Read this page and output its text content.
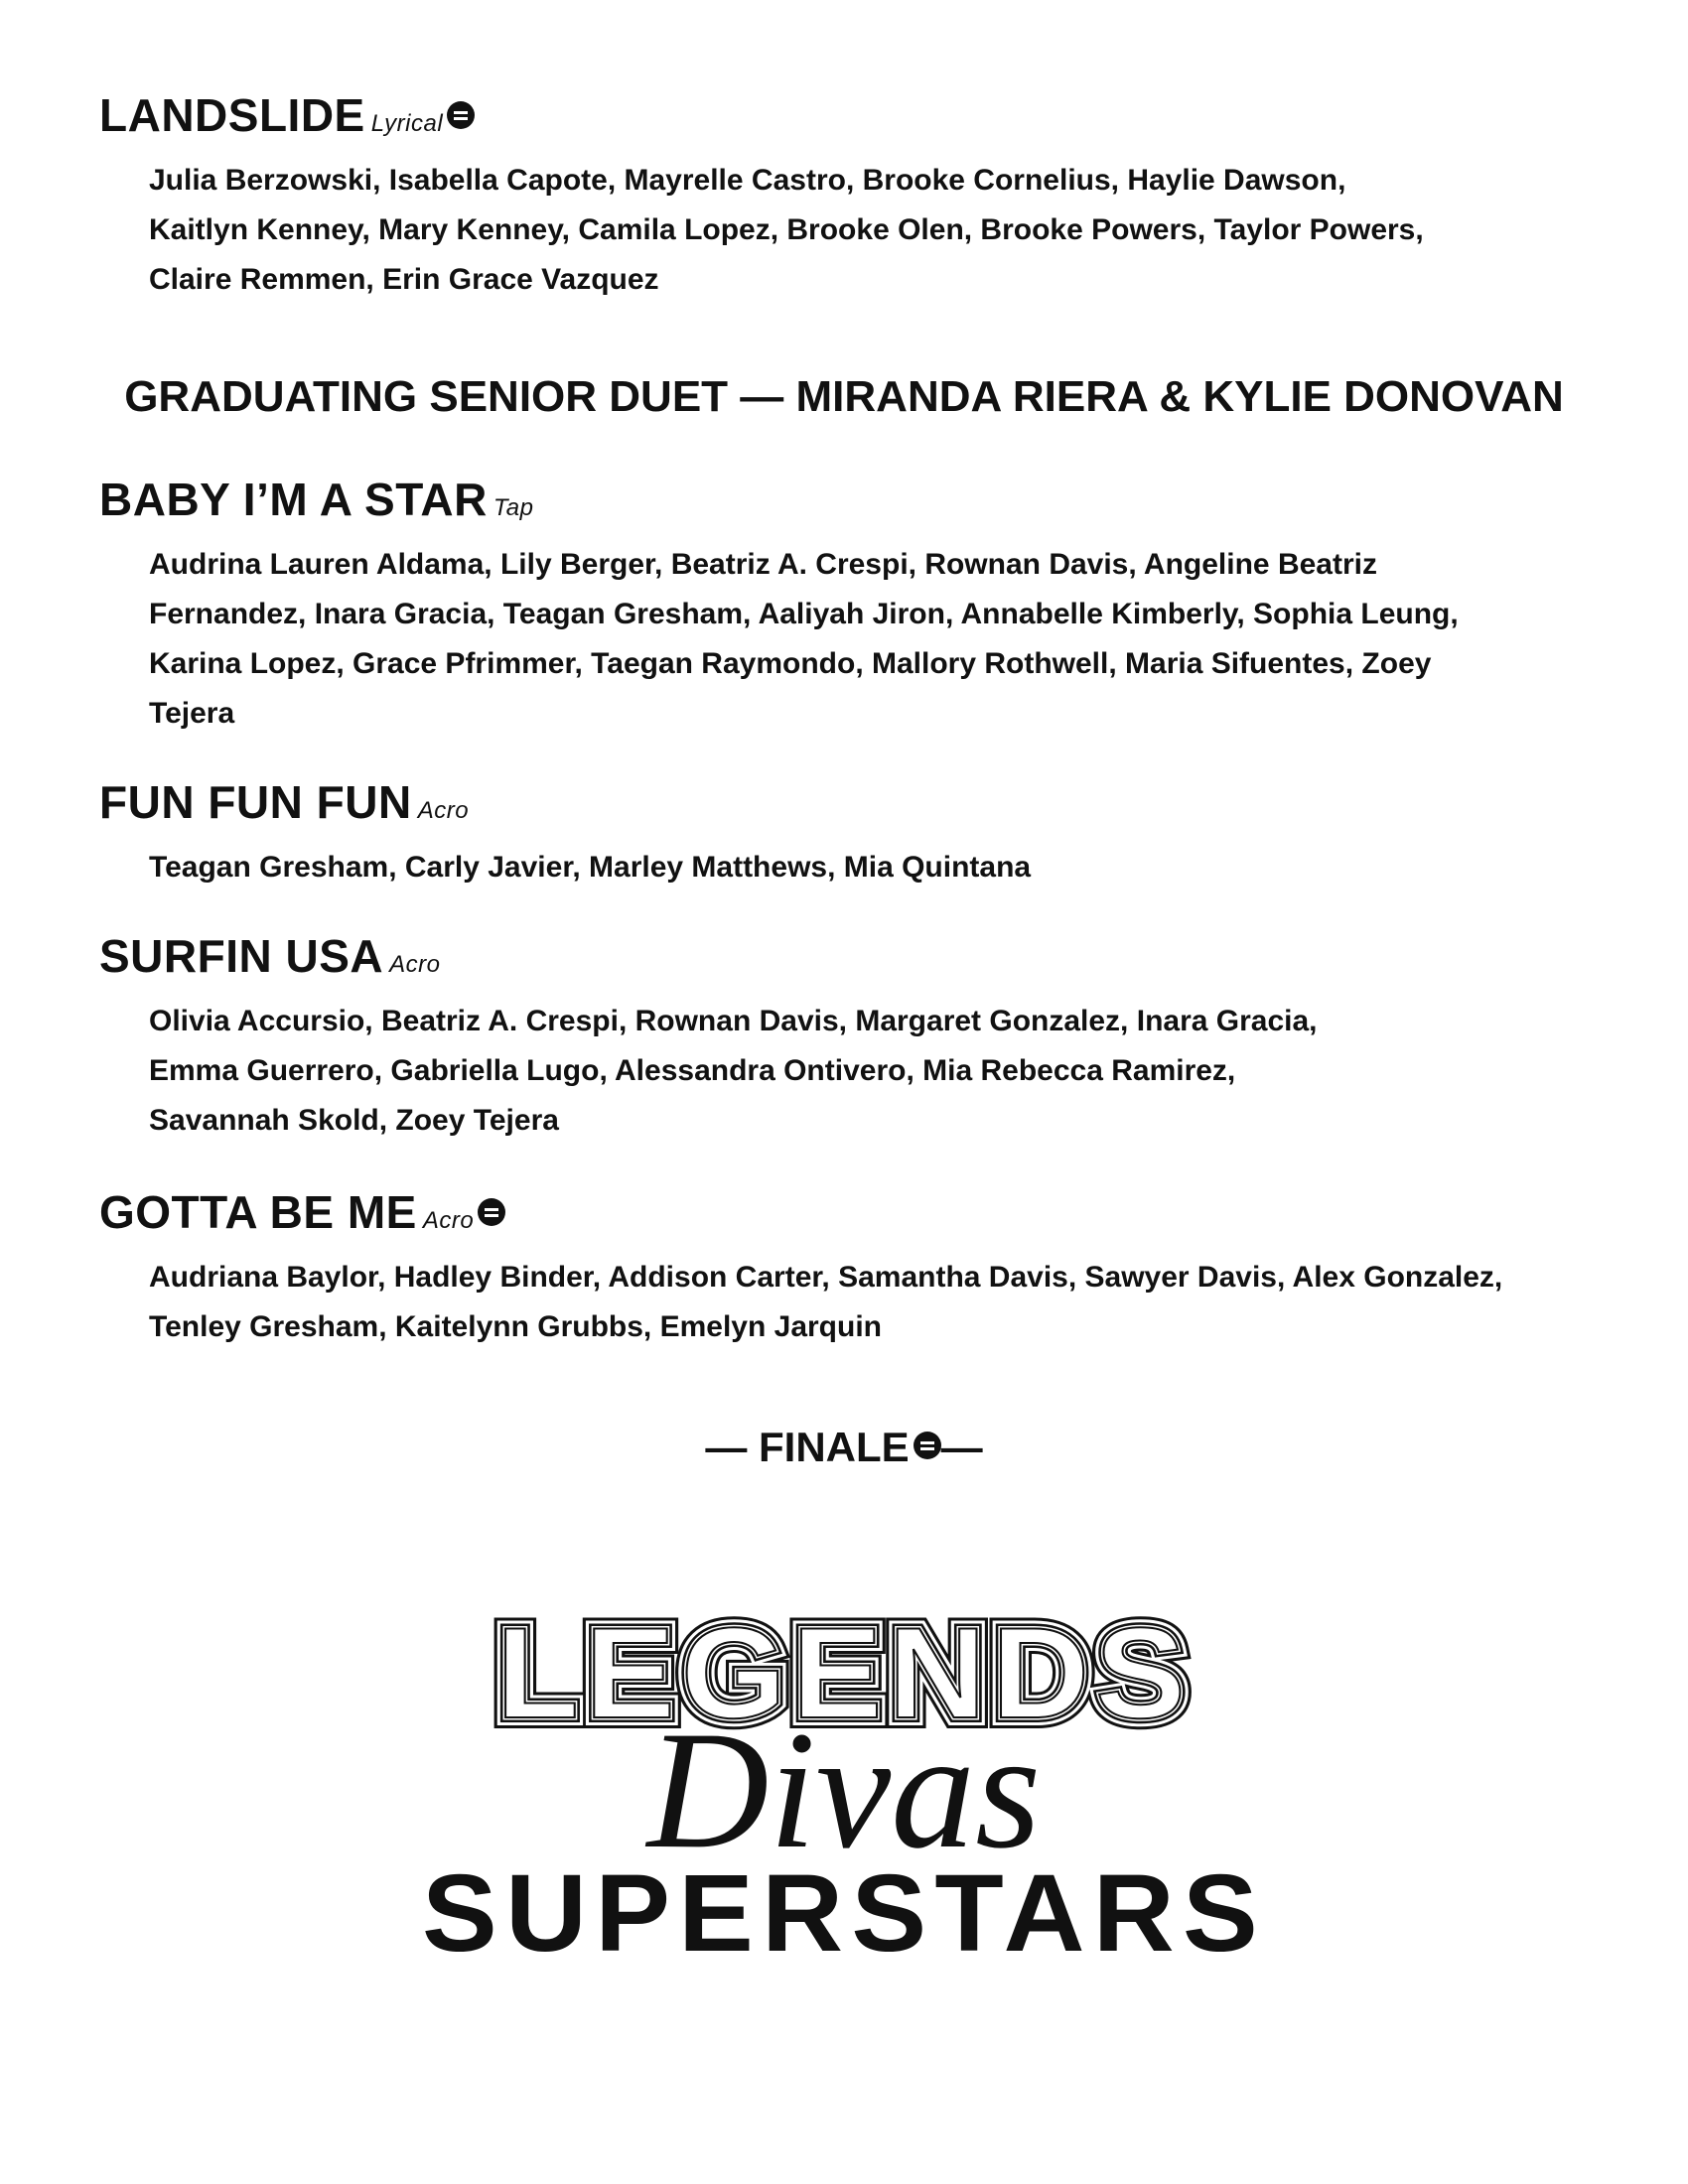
LANDSLIDE Lyrical
Julia Berzowski, Isabella Capote, Mayrelle Castro, Brooke Cornelius, Haylie Dawson,
Kaitlyn Kenney, Mary Kenney, Camila Lopez, Brooke Olen, Brooke Powers, Taylor Powers,
Claire Remmen, Erin Grace Vazquez
GRADUATING SENIOR DUET — MIRANDA RIERA & KYLIE DONOVAN
BABY I’M A STAR Tap
Audrina Lauren Aldama, Lily Berger, Beatriz A. Crespi, Rownan Davis, Angeline Beatriz
Fernandez, Inara Gracia, Teagan Gresham, Aaliyah Jiron, Annabelle Kimberly, Sophia Leung,
Karina Lopez, Grace Pfrimmer, Taegan Raymondo, Mallory Rothwell, Maria Sifuentes, Zoey
Tejera
FUN FUN FUN Acro
Teagan Gresham, Carly Javier, Marley Matthews, Mia Quintana
SURFIN USA Acro
Olivia Accursio, Beatriz A. Crespi, Rownan Davis, Margaret Gonzalez, Inara Gracia,
Emma Guerrero, Gabriella Lugo, Alessandra Ontivero, Mia Rebecca Ramirez,
Savannah Skold, Zoey Tejera
GOTTA BE ME Acro
Audriana Baylor, Hadley Binder, Addison Carter, Samantha Davis, Sawyer Davis, Alex Gonzalez,
Tenley Gresham, Kaitelynn Grubbs, Emelyn Jarquin
— FINALE —
Divas
SUPERSTARS
